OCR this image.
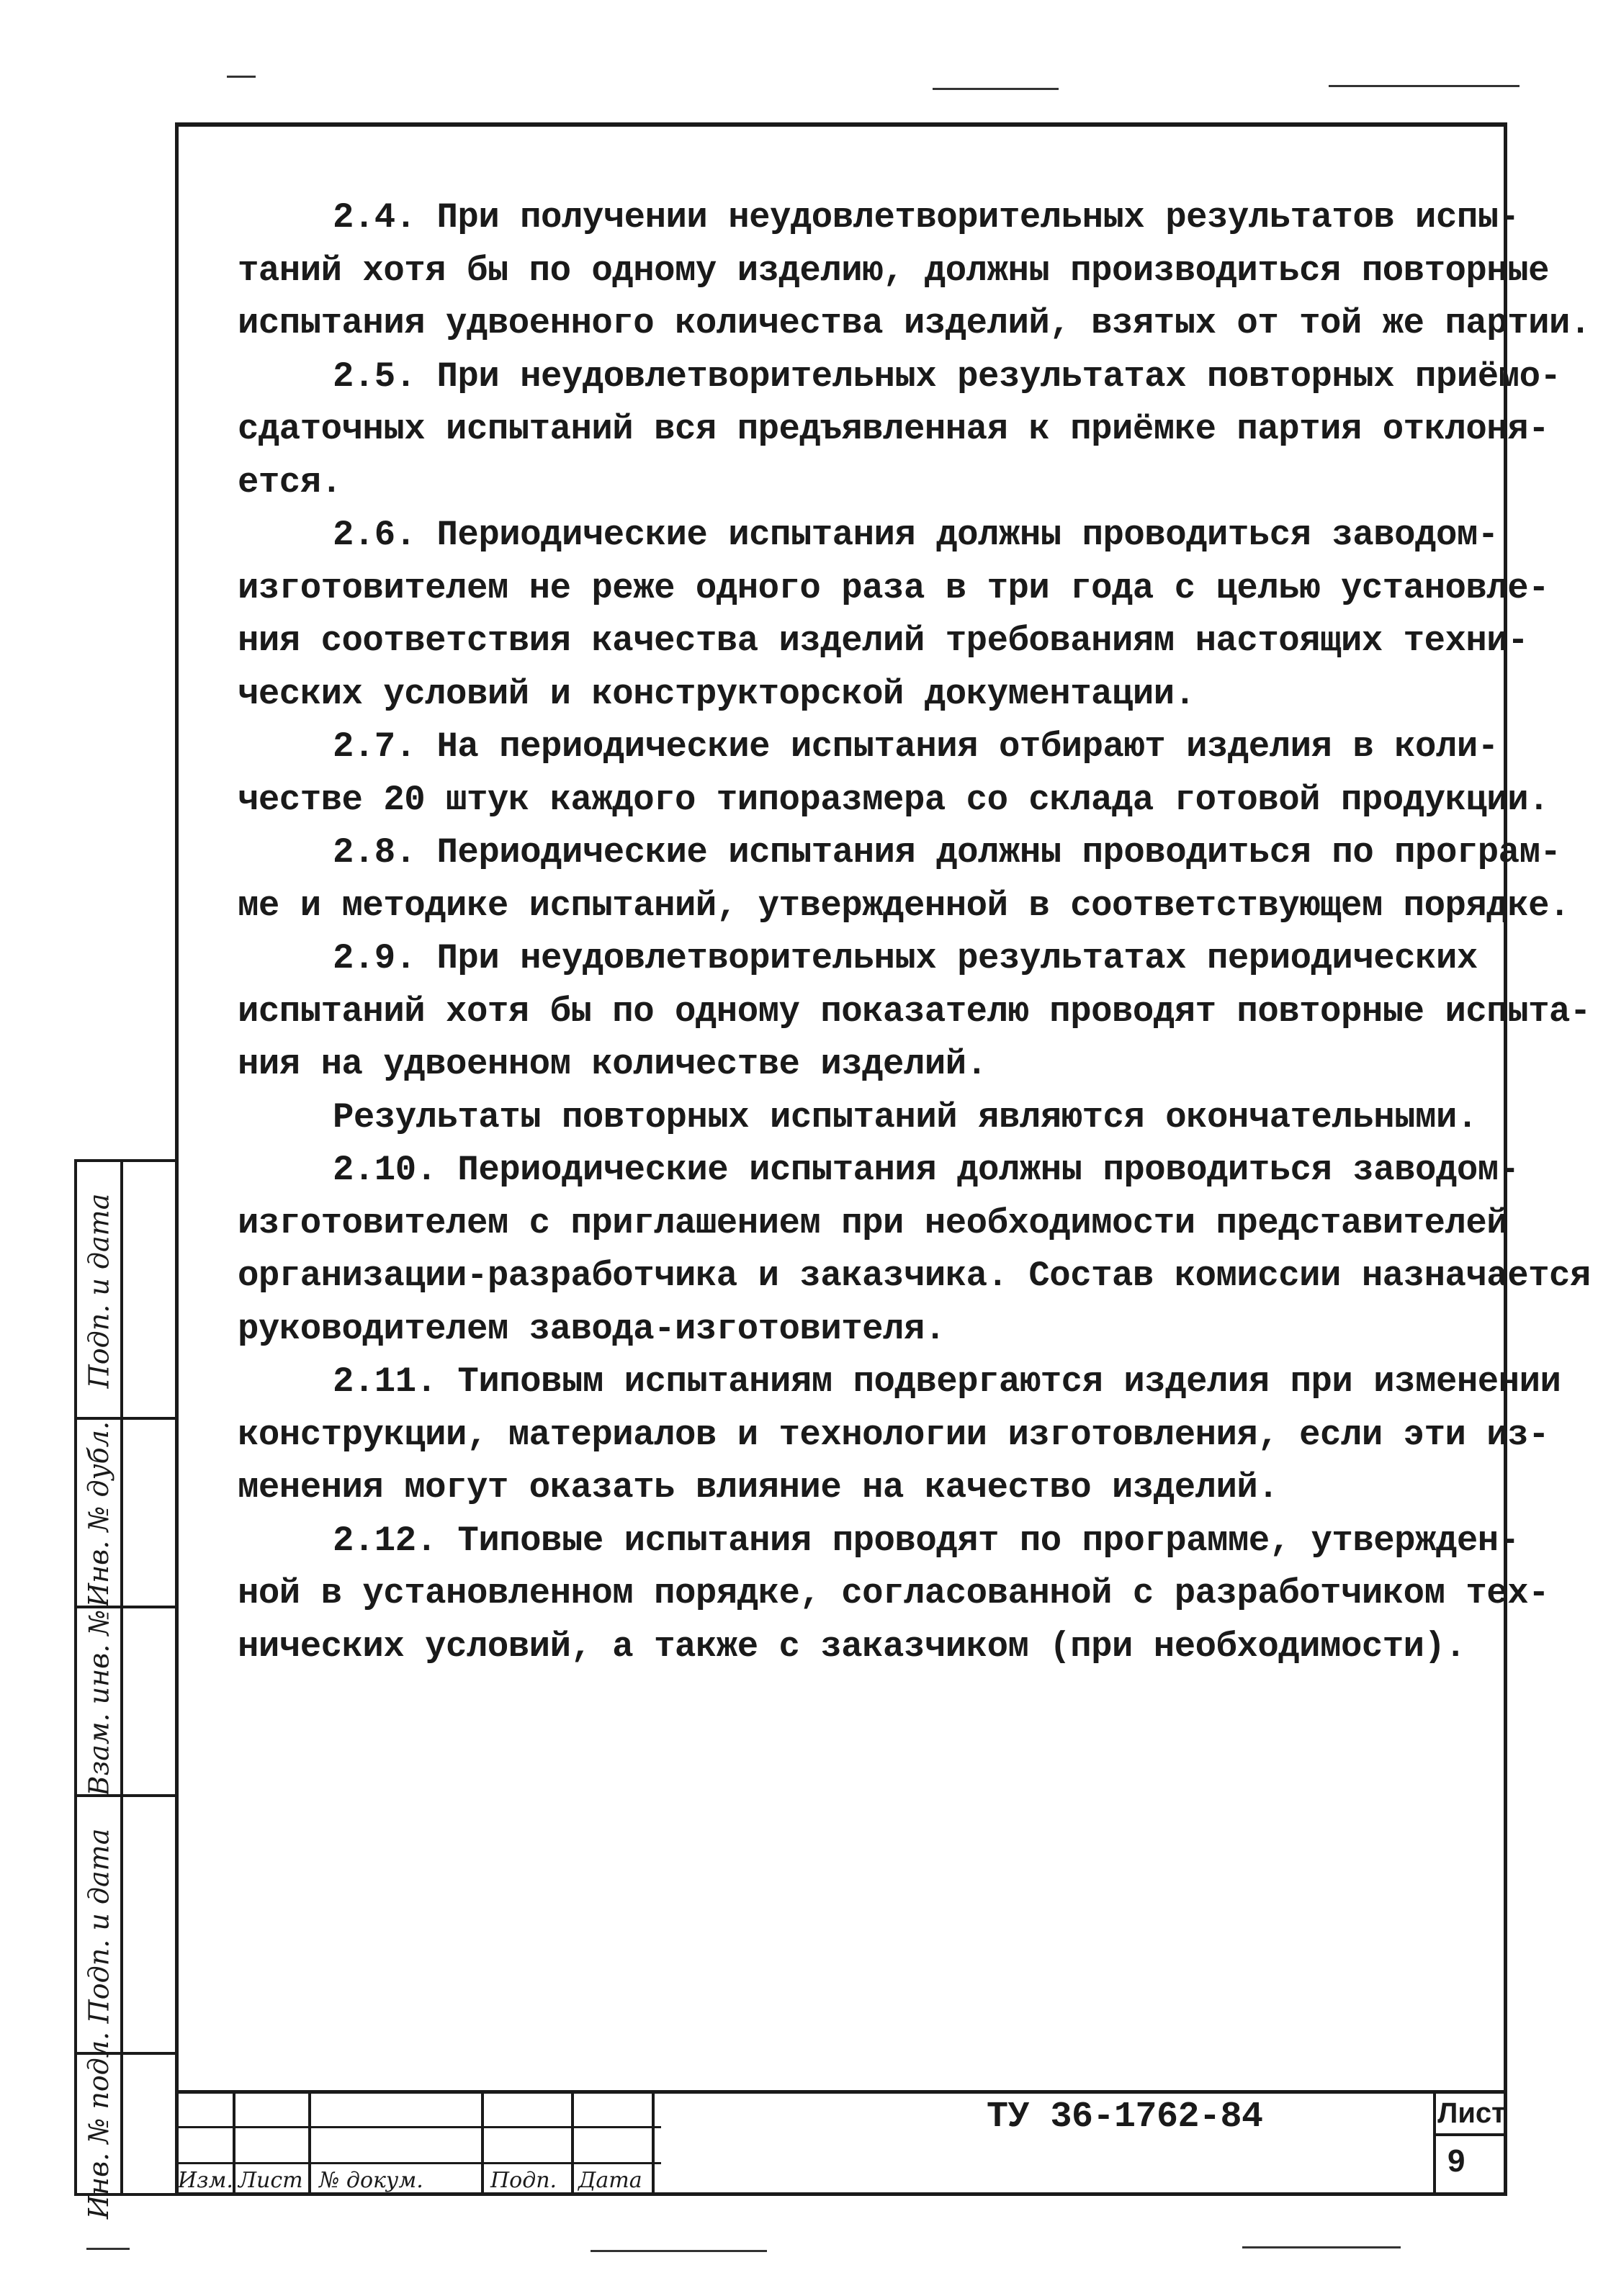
2.4. При получении неудовлетворительных результатов испы-
таний хотя бы по одному изделию, должны производиться повторные
испытания удвоенного количества изделий, взятых от той же партии.
2.5. При неудовлетворительных результатах повторных приёмо-
сдаточных испытаний вся предъявленная к приёмке партия отклоня-
ется.
2.6. Периодические испытания должны проводиться заводом-
изготовителем не реже одного раза в три года с целью установле-
ния соответствия качества изделий требованиям настоящих техни-
ческих условий и конструкторской документации.
2.7. На периодические испытания отбирают изделия в коли-
честве 20 штук каждого типоразмера со склада готовой продукции.
2.8. Периодические испытания должны проводиться по програм-
ме и методике испытаний, утвержденной в соответствующем порядке.
2.9. При неудовлетворительных результатах периодических
испытаний хотя бы по одному показателю проводят повторные испыта-
ния на удвоенном количестве изделий.
Результаты повторных испытаний являются окончательными.
2.10. Периодические испытания должны проводиться заводом-
изготовителем с приглашением при необходимости представителей
организации-разработчика и заказчика. Состав комиссии назначается
руководителем завода-изготовителя.
2.11. Типовым испытаниям подвергаются изделия при изменении
конструкции, материалов и технологии изготовления, если эти из-
менения могут оказать влияние на качество изделий.
2.12. Типовые испытания проводят по программе, утвержден-
ной в установленном порядке, согласованной с разработчиком тех-
нических условий, а также с заказчиком (при необходимости).
Подп. и дата
Инв. № дубл.
Взам. инв. №
Подп. и дата
Инв. № подл.	Изм. Лист № докум.	Подп. Дата
ТУ 36-1762-84	Лист
9
